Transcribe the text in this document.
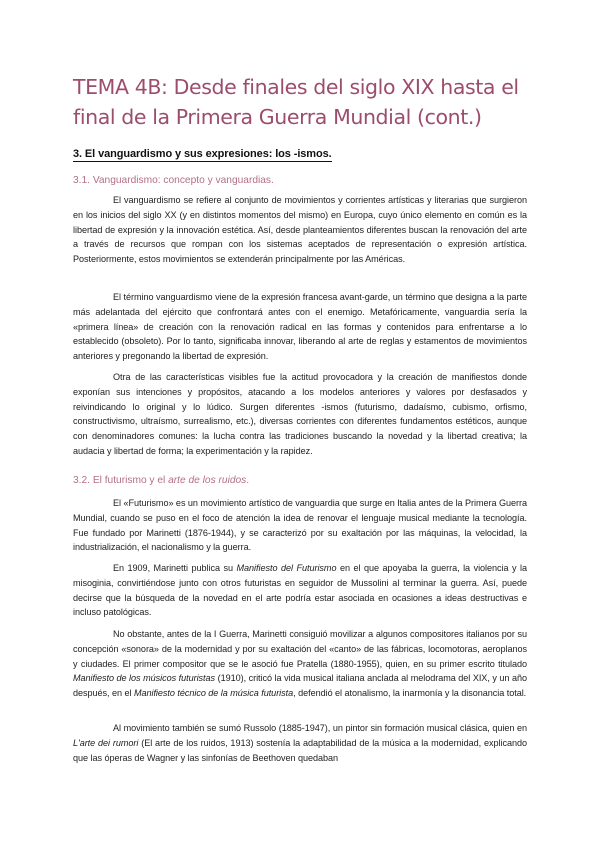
TEMA 4B: Desde finales del siglo XIX hasta el final de la Primera Guerra Mundial (cont.)
3. El vanguardismo y sus expresiones: los -ismos.
3.1. Vanguardismo: concepto y vanguardias.

El vanguardismo se refiere al conjunto de movimientos y corrientes artísticas y literarias que surgieron en los inicios del siglo XX (y en distintos momentos del mismo) en Europa, cuyo único elemento en común es la libertad de expresión y la innovación estética. Así, desde planteamientos diferentes buscan la renovación del arte a través de recursos que rompan con los sistemas aceptados de representación o expresión artística. Posteriormente, estos movimientos se extenderán principalmente por las Américas.

El término vanguardismo viene de la expresión francesa avant-garde, un término que designa a la parte más adelantada del ejército que confrontará antes con el enemigo. Metafóricamente, vanguardia sería la «primera línea» de creación con la renovación radical en las formas y contenidos para enfrentarse a lo establecido (obsoleto). Por lo tanto, significaba innovar, liberando al arte de reglas y estamentos de movimientos anteriores y pregonando la libertad de expresión.

Otra de las características visibles fue la actitud provocadora y la creación de manifiestos donde exponían sus intenciones y propósitos, atacando a los modelos anteriores y valores por desfasados y reivindicando lo original y lo lúdico. Surgen diferentes -ismos (futurismo, dadaísmo, cubismo, orfismo, constructivismo, ultraísmo, surrealismo, etc.), diversas corrientes con diferentes fundamentos estéticos, aunque con denominadores comunes: la lucha contra las tradiciones buscando la novedad y la libertad creativa; la audacia y libertad de forma; la experimentación y la rapidez.

3.2. El futurismo y el arte de los ruidos.

El «Futurismo» es un movimiento artístico de vanguardia que surge en Italia antes de la Primera Guerra Mundial, cuando se puso en el foco de atención la idea de renovar el lenguaje musical mediante la tecnología. Fue fundado por Marinetti (1876-1944), y se caracterizó por su exaltación por las máquinas, la velocidad, la industrialización, el nacionalismo y la guerra.

En 1909, Marinetti publica su Manifiesto del Futurismo en el que apoyaba la guerra, la violencia y la misoginia, convirtiéndose junto con otros futuristas en seguidor de Mussolini al terminar la guerra. Así, puede decirse que la búsqueda de la novedad en el arte podría estar asociada en ocasiones a ideas destructivas e incluso patológicas.

No obstante, antes de la I Guerra, Marinetti consiguió movilizar a algunos compositores italianos por su concepción «sonora» de la modernidad y por su exaltación del «canto» de las fábricas, locomotoras, aeroplanos y ciudades. El primer compositor que se le asoció fue Pratella (1880-1955), quien, en su primer escrito titulado Manifiesto de los músicos futuristas (1910), criticó la vida musical italiana anclada al melodrama del XIX, y un año después, en el Manifiesto técnico de la música futurista, defendió el atonalismo, la inarmonía y la disonancia total.

Al movimiento también se sumó Russolo (1885-1947), un pintor sin formación musical clásica, quien en L'arte dei rumori (El arte de los ruidos, 1913) sostenía la adaptabilidad de la música a la modernidad, explicando que las óperas de Wagner y las sinfonías de Beethoven quedaban
